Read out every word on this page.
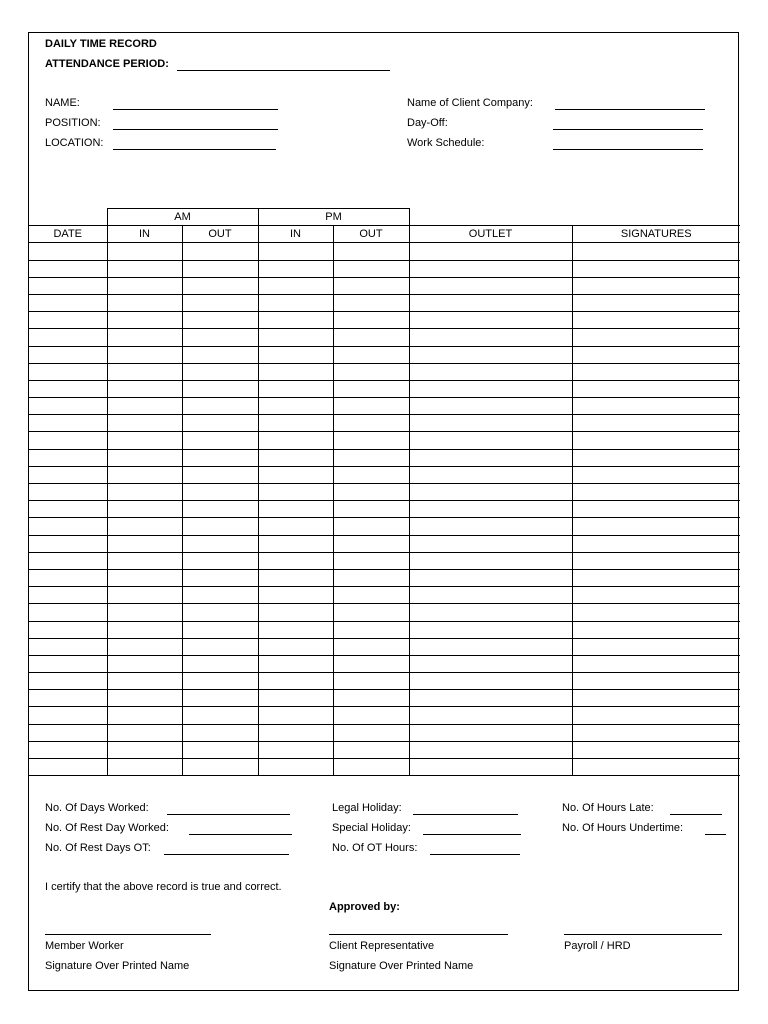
DAILY TIME RECORD
ATTENDANCE PERIOD:
NAME:
POSITION:
LOCATION:
Name of Client Company:
Day-Off:
Work Schedule:
	AM		PM			
DATE	IN	OUT	IN	OUT	OUTLET	SIGNATURES

No. Of Days Worked:
No. Of Rest Day Worked:
No. Of Rest Days OT:
Legal Holiday:
Special Holiday:
No. Of OT Hours:
No. Of Hours Late:
No. Of Hours Undertime:
I certify that the above record is true and correct.
Approved by:
Member Worker
Signature Over Printed Name
Client Representative
Signature Over Printed Name
Payroll / HRD
